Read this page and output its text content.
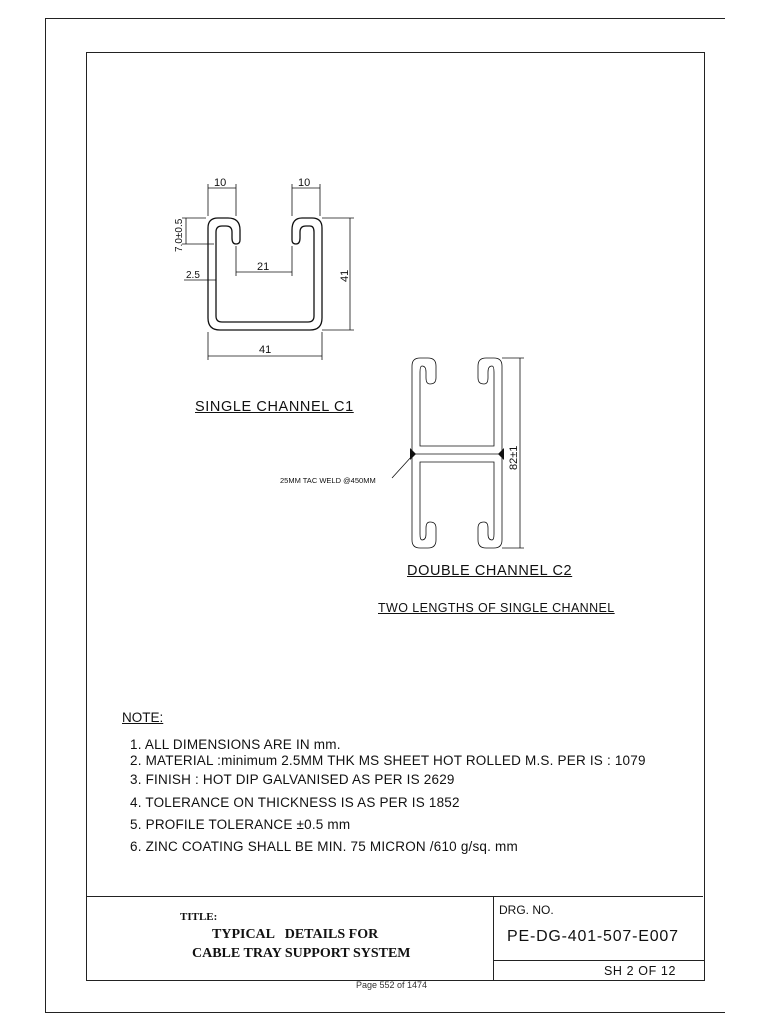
10	10
7.0±0.5
2.5
21
41
41
82±1
25MM TAC WELD @450MM
SINGLE CHANNEL C1
DOUBLE CHANNEL C2
TWO LENGTHS OF SINGLE CHANNEL
NOTE:
1. ALL DIMENSIONS ARE IN mm.
2. MATERIAL :minimum 2.5MM THK MS SHEET HOT ROLLED M.S. PER IS : 1079
3. FINISH : HOT DIP GALVANISED AS PER IS 2629
4. TOLERANCE ON THICKNESS IS AS PER IS 1852
5. PROFILE TOLERANCE ±0.5 mm
6. ZINC COATING SHALL BE MIN. 75 MICRON /610 g/sq. mm
TITLE:
TYPICAL   DETAILS FOR
CABLE TRAY SUPPORT SYSTEM
DRG. NO.
PE-DG-401-507-E007
SH 2 OF 12
Page 552 of 1474
